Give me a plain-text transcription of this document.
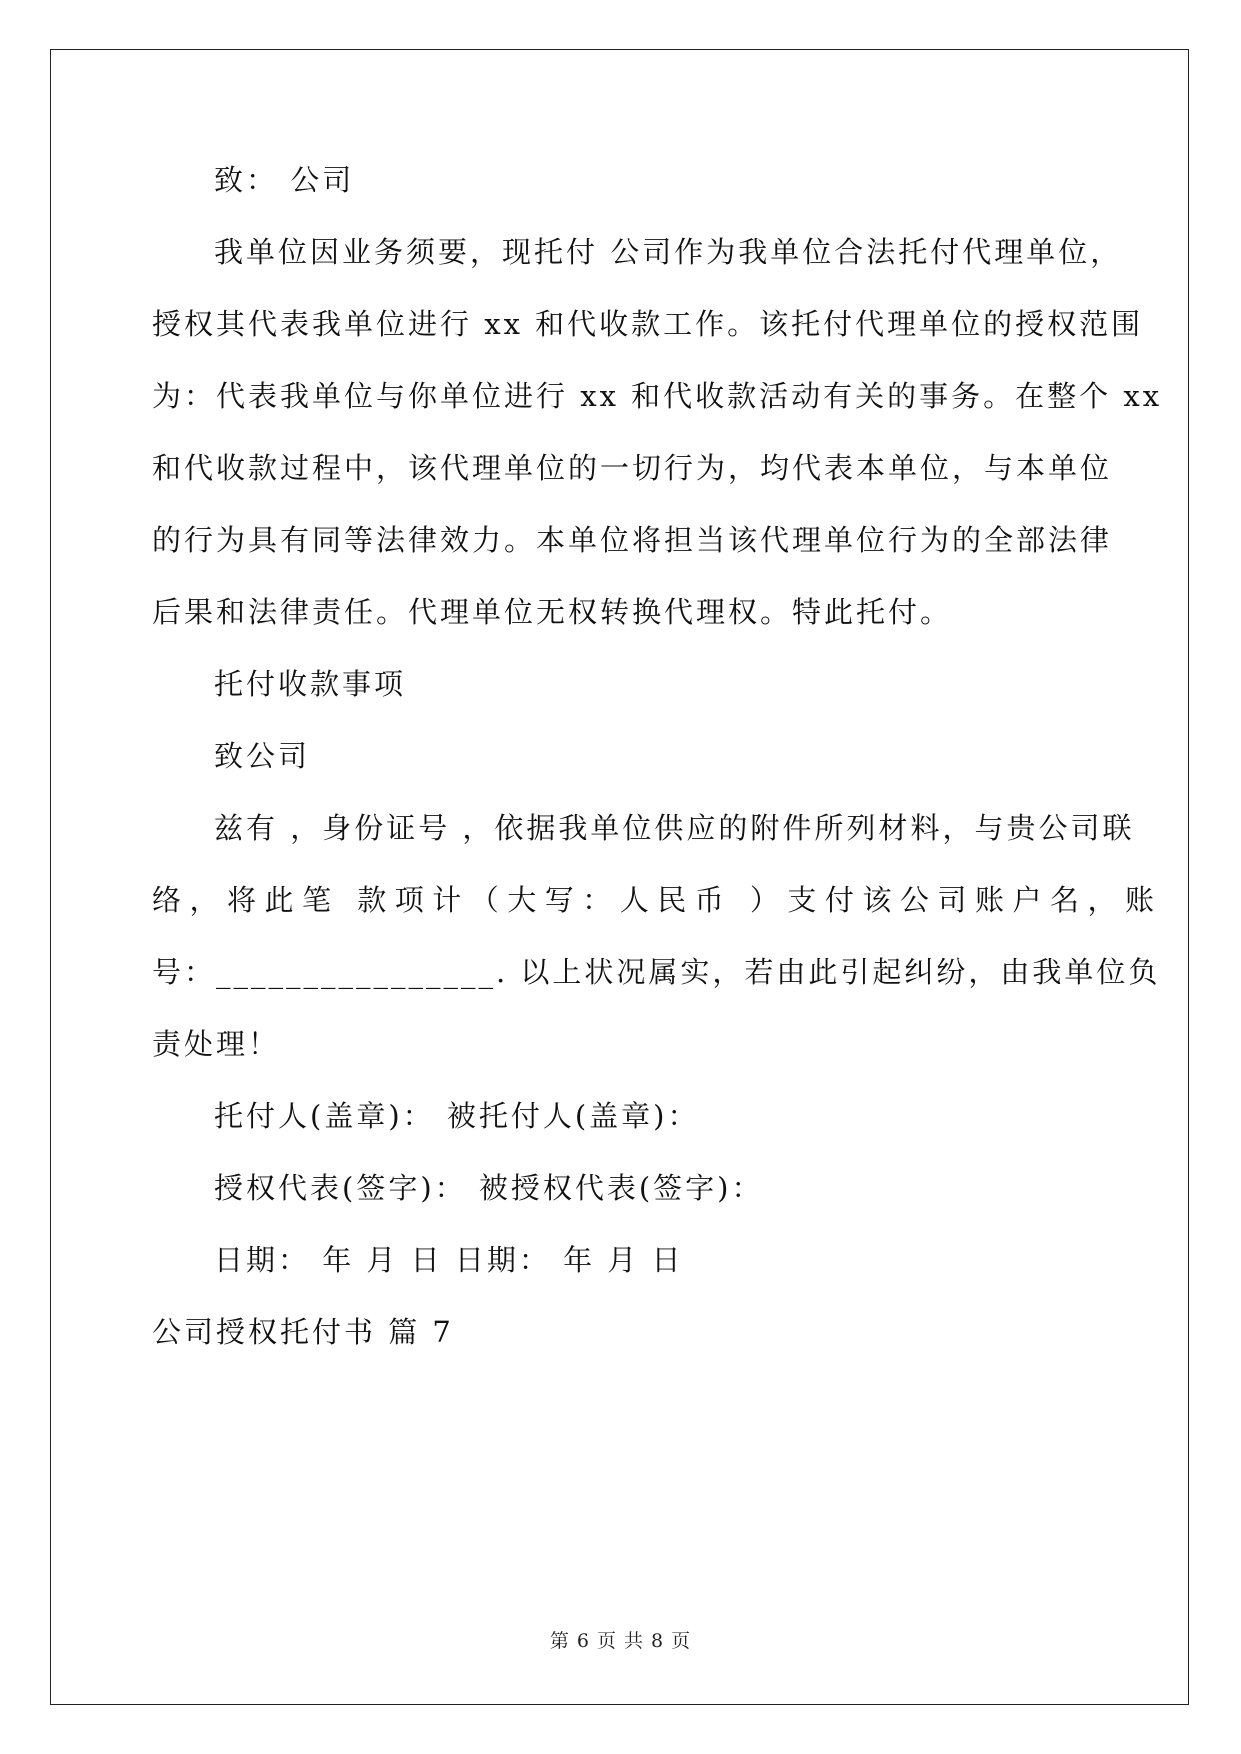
致： 公司
我单位因业务须要，现托付 公司作为我单位合法托付代理单位，
授权其代表我单位进行 xx 和代收款工作。该托付代理单位的授权范围
为：代表我单位与你单位进行 xx 和代收款活动有关的事务。在整个 xx
和代收款过程中，该代理单位的一切行为，均代表本单位，与本单位
的行为具有同等法律效力。本单位将担当该代理单位行为的全部法律
后果和法律责任。代理单位无权转换代理权。特此托付。
托付收款事项
致公司
兹有 ，身份证号 ，依据我单位供应的附件所列材料，与贵公司联
络，将此笔 款项计（大写：人民币 ）支付该公司账户名，账
号：________________. 以上状况属实，若由此引起纠纷，由我单位负
责处理！
托付人(盖章)： 被托付人(盖章)：
授权代表(签字)： 被授权代表(签字)：
日期： 年 月 日 日期： 年 月 日
公司授权托付书 篇 7
第 6 页 共 8 页
